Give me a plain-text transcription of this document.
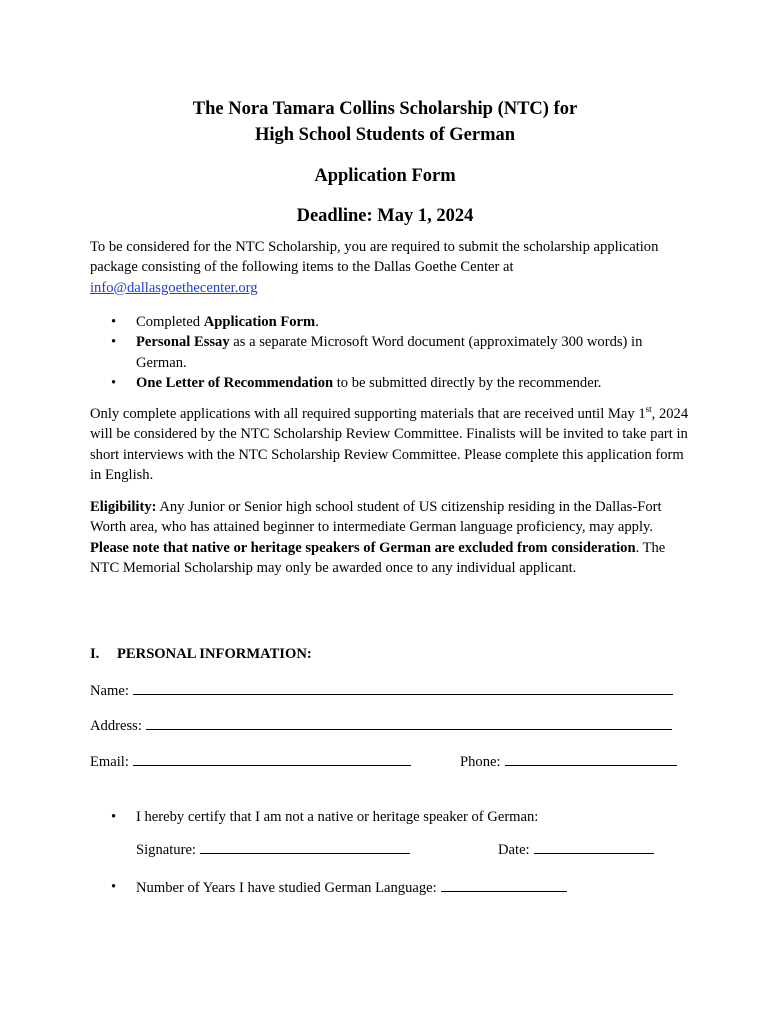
The Nora Tamara Collins Scholarship (NTC) for
High School Students of German
Application Form
Deadline: May 1, 2024

To be considered for the NTC Scholarship, you are required to submit the scholarship application package consisting of the following items to the Dallas Goethe Center at
info@dallasgoethecenter.org

• Completed Application Form.
• Personal Essay as a separate Microsoft Word document (approximately 300 words) in German.
• One Letter of Recommendation to be submitted directly by the recommender.

Only complete applications with all required supporting materials that are received until May 1st, 2024 will be considered by the NTC Scholarship Review Committee. Finalists will be invited to take part in short interviews with the NTC Scholarship Review Committee. Please complete this application form in English.

Eligibility: Any Junior or Senior high school student of US citizenship residing in the Dallas-Fort Worth area, who has attained beginner to intermediate German language proficiency, may apply. Please note that native or heritage speakers of German are excluded from consideration. The NTC Memorial Scholarship may only be awarded once to any individual applicant.

I. PERSONAL INFORMATION:
Name:
Address:
Email:	Phone:
• I hereby certify that I am not a native or heritage speaker of German:
Signature:	Date:
• Number of Years I have studied German Language:
